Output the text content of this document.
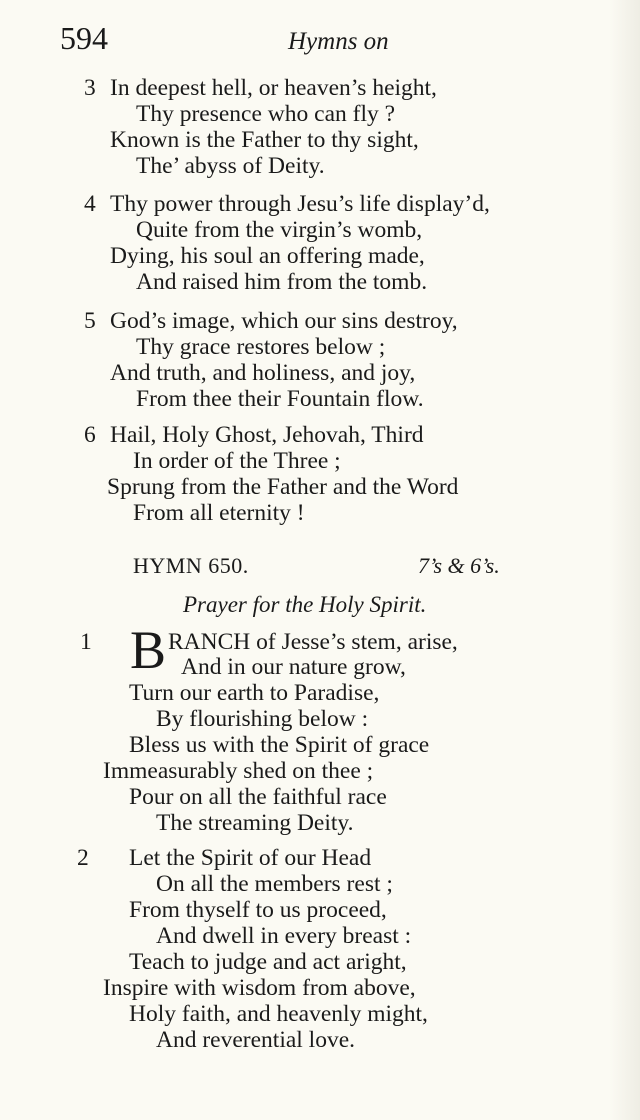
594	Hymns on
3 In deepest hell, or heaven’s height,
Thy presence who can fly ?
Known is the Father to thy sight,
The’ abyss of Deity.
4 Thy power through Jesu’s life display’d,
Quite from the virgin’s womb,
Dying, his soul an offering made,
And raised him from the tomb.
5 God’s image, which our sins destroy,
Thy grace restores below ;
And truth, and holiness, and joy,
From thee their Fountain flow.
6 Hail, Holy Ghost, Jehovah, Third
In order of the Three ;
Sprung from the Father and the Word
From all eternity !
HYMN 650.	7’s & 6’s.
Prayer for the Holy Spirit.
1 B RANCH of Jesse’s stem, arise,
And in our nature grow,
Turn our earth to Paradise,
By flourishing below :
Bless us with the Spirit of grace
Immeasurably shed on thee ;
Pour on all the faithful race
The streaming Deity.
2 Let the Spirit of our Head
On all the members rest ;
From thyself to us proceed,
And dwell in every breast :
Teach to judge and act aright,
Inspire with wisdom from above,
Holy faith, and heavenly might,
And reverential love.
